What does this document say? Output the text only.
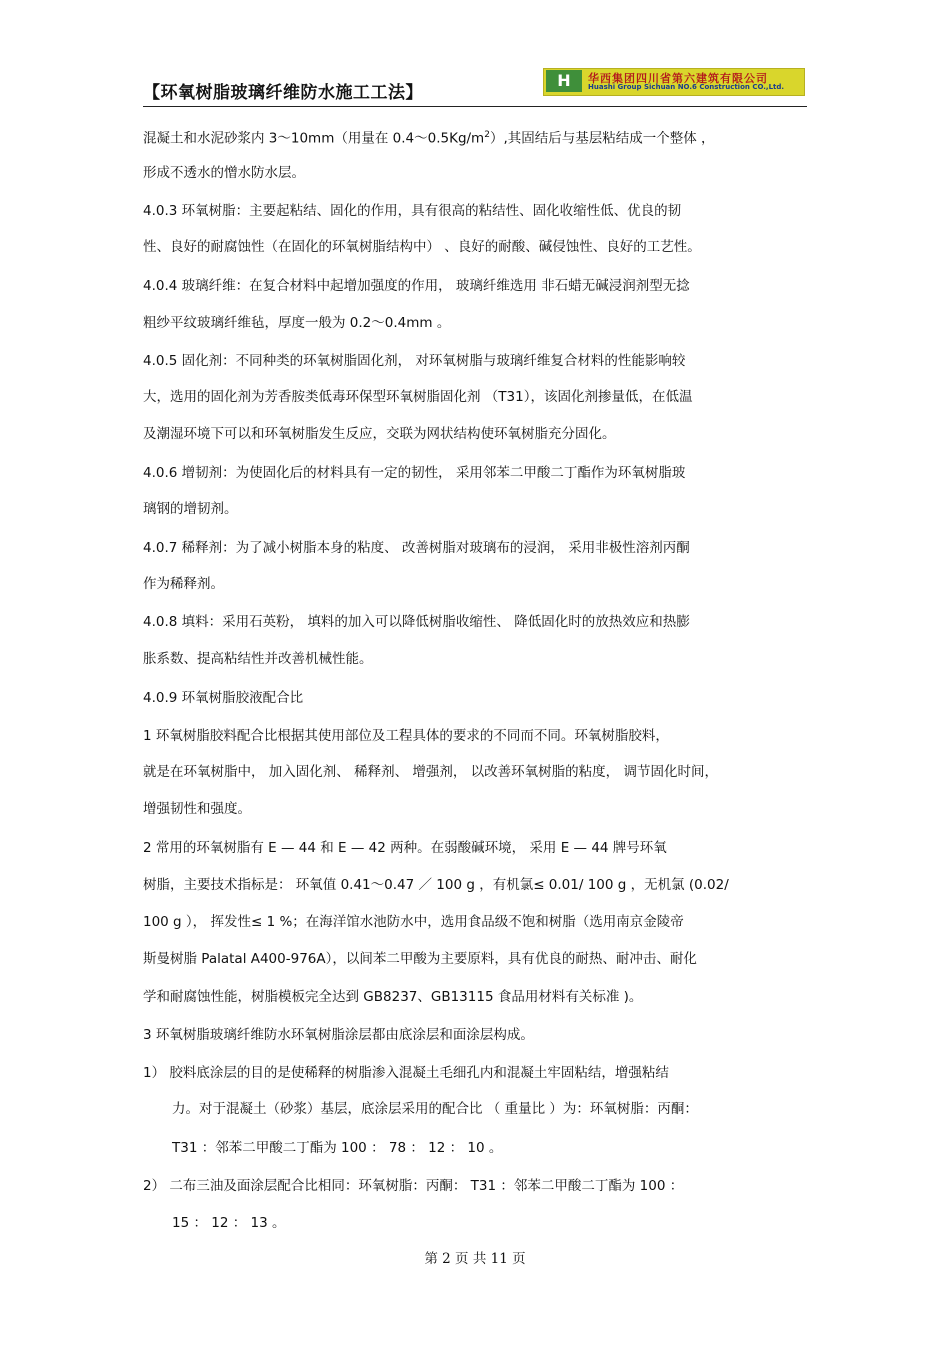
【环氧树脂玻璃纤维防水施工工法】
H	华西集团四川省第六建筑有限公司
Huashi Group Sichuan NO.6 Construction CO.,Ltd.
混凝土和水泥砂浆内 3～10mm（用量在 $0.4\sim 0.5Kg/m^2$）,其固结后与基层粘结成一个整体 ，
形成不透水的憎水防水层。
4.0.3 环氧树脂：主要起粘结、固化的作用，具有很高的粘结性、固化收缩性低、优良的韧
性、良好的耐腐蚀性（在固化的环氧树脂结构中） 、良好的耐酸、碱侵蚀性、良好的工艺性。
4.0.4 玻璃纤维：在复合材料中起增加强度的作用， 玻璃纤维选用 非石蜡无碱浸润剂型无捻
粗纱平纹玻璃纤维毡，厚度一般为 0.2～0.4mm 。
4.0.5 固化剂：不同种类的环氧树脂固化剂， 对环氧树脂与玻璃纤维复合材料的性能影响较
大，选用的固化剂为芳香胺类低毒环保型环氧树脂固化剂 （T31），该固化剂掺量低，在低温
及潮湿环境下可以和环氧树脂发生反应，交联为网状结构使环氧树脂充分固化。
4.0.6 增韧剂：为使固化后的材料具有一定的韧性， 采用邻苯二甲酸二丁酯作为环氧树脂玻
璃钢的增韧剂。
4.0.7 稀释剂：为了减小树脂本身的粘度、 改善树脂对玻璃布的浸润， 采用非极性溶剂丙酮
作为稀释剂。
4.0.8 填料：采用石英粉， 填料的加入可以降低树脂收缩性、 降低固化时的放热效应和热膨
胀系数、提高粘结性并改善机械性能。
4.0.9 环氧树脂胶液配合比
1 环氧树脂胶料配合比根据其使用部位及工程具体的要求的不同而不同。环氧树脂胶料，
就是在环氧树脂中， 加入固化剂、 稀释剂、 增强剂， 以改善环氧树脂的粘度， 调节固化时间，
增强韧性和强度。
2 常用的环氧树脂有 E — 44 和 E — 42 两种。在弱酸碱环境， 采用 E — 44 牌号环氧
树脂，主要技术指标是： 环氧值 0.41～0.47 ／ 100 g ，有机氯≤ 0.01/ 100 g ，无机氯 (0.02/
100 g ）， 挥发性≤ 1 %；在海洋馆水池防水中，选用食品级不饱和树脂（选用南京金陵帝
斯曼树脂 Palatal A400-976A），以间苯二甲酸为主要原料，具有优良的耐热、耐冲击、耐化
学和耐腐蚀性能，树脂模板完全达到 GB8237、GB13115 食品用材料有关标准 )。
3 环氧树脂玻璃纤维防水环氧树脂涂层都由底涂层和面涂层构成。
1） 胶料底涂层的目的是使稀释的树脂渗入混凝土毛细孔内和混凝土牢固粘结，增强粘结
力。对于混凝土（砂浆）基层，底涂层采用的配合比 （ 重量比 ）为：环氧树脂：丙酮：
T31 ：邻苯二甲酸二丁酯为 100 ： 78 ： 12 ： 10 。
2） 二布三油及面涂层配合比相同：环氧树脂：丙酮： T31 ：邻苯二甲酸二丁酯为 100 ：
15 ： 12 ： 13 。
第 2 页 共 11 页
